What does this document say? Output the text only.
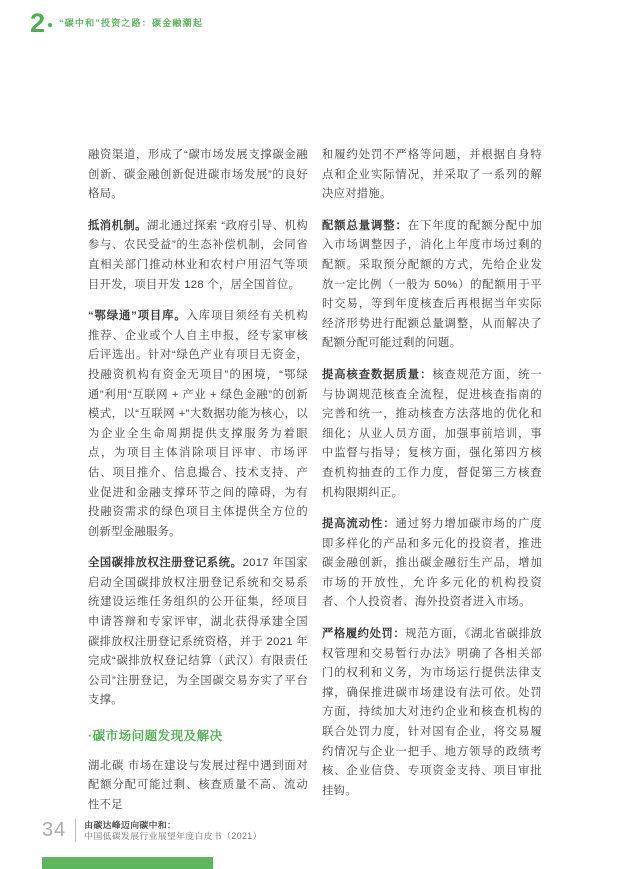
2 “碳中和”投资之路：碳金融潮起

融资渠道，形成了“碳市场发展支撑碳金融创新、碳金融创新促进碳市场发展”的良好格局。

抵消机制。湖北通过探索 “政府引导、机构参与、农民受益”的生态补偿机制，会同省直相关部门推动林业和农村户用沼气等项目开发，项目开发 128 个，居全国首位。

“鄂绿通”项目库。入库项目须经有关机构推荐、企业或个人自主申报，经专家审核后评选出。针对“绿色产业有项目无资金，投融资机构有资金无项目”的困境，“鄂绿通”利用“互联网 + 产业 + 绿色金融”的创新模式，以“互联网 +”大数据功能为核心，以为企业全生命周期提供支撑服务为着眼点，为项目主体消除项目评审、市场评估、项目推介、信息撮合、技术支持、产业促进和金融支撑环节之间的障碍，为有投融资需求的绿色项目主体提供全方位的创新型金融服务。

全国碳排放权注册登记系统。2017 年国家启动全国碳排放权注册登记系统和交易系统建设运维任务组织的公开征集，经项目申请答辩和专家评审，湖北获得承建全国碳排放权注册登记系统资格，并于 2021 年完成“碳排放权登记结算（武汉）有限责任公司”注册登记，为全国碳交易夯实了平台支撑。

·碳市场问题发现及解决

湖北碳 市场在建设与发展过程中遇到面对配额分配可能过剩、核查质量不高、流动性不足

和履约处罚不严格等问题，并根据自身特点和企业实际情况，并采取了一系列的解决应对措施。

配额总量调整：在下年度的配额分配中加入市场调整因子，消化上年度市场过剩的配额。采取预分配额的方式，先给企业发放一定比例（一般为 50%）的配额用于平时交易，等到年度核查后再根据当年实际经济形势进行配额总量调整，从而解决了配额分配可能过剩的问题。

提高核查数据质量：核查规范方面，统一与协调规范核查全流程，促进核查指南的完善和统一，推动核查方法落地的优化和细化；从业人员方面，加强事前培训，事中监督与指导；复核方面，强化第四方核查机构抽查的工作力度，督促第三方核查机构限期纠正。

提高流动性：通过努力增加碳市场的广度即多样化的产品和多元化的投资者，推进碳金融创新，推出碳金融衍生产品，增加市场的开放性，允许多元化的机构投资者、个人投资者、海外投资者进入市场。

严格履约处罚：规范方面，《湖北省碳排放权管理和交易暂行办法》明确了各相关部门的权利和义务，为市场运行提供法律支撑，确保推进碳市场建设有法可依。处罚方面，持续加大对违约企业和核查机构的联合处罚力度，针对国有企业，将交易履约情况与企业一把手、地方领导的政绩考核、企业信贷、专项资金支持、项目审批挂钩。

34 由碳达峰迈向碳中和：
中国低碳发展行业展望年度白皮书（2021）
